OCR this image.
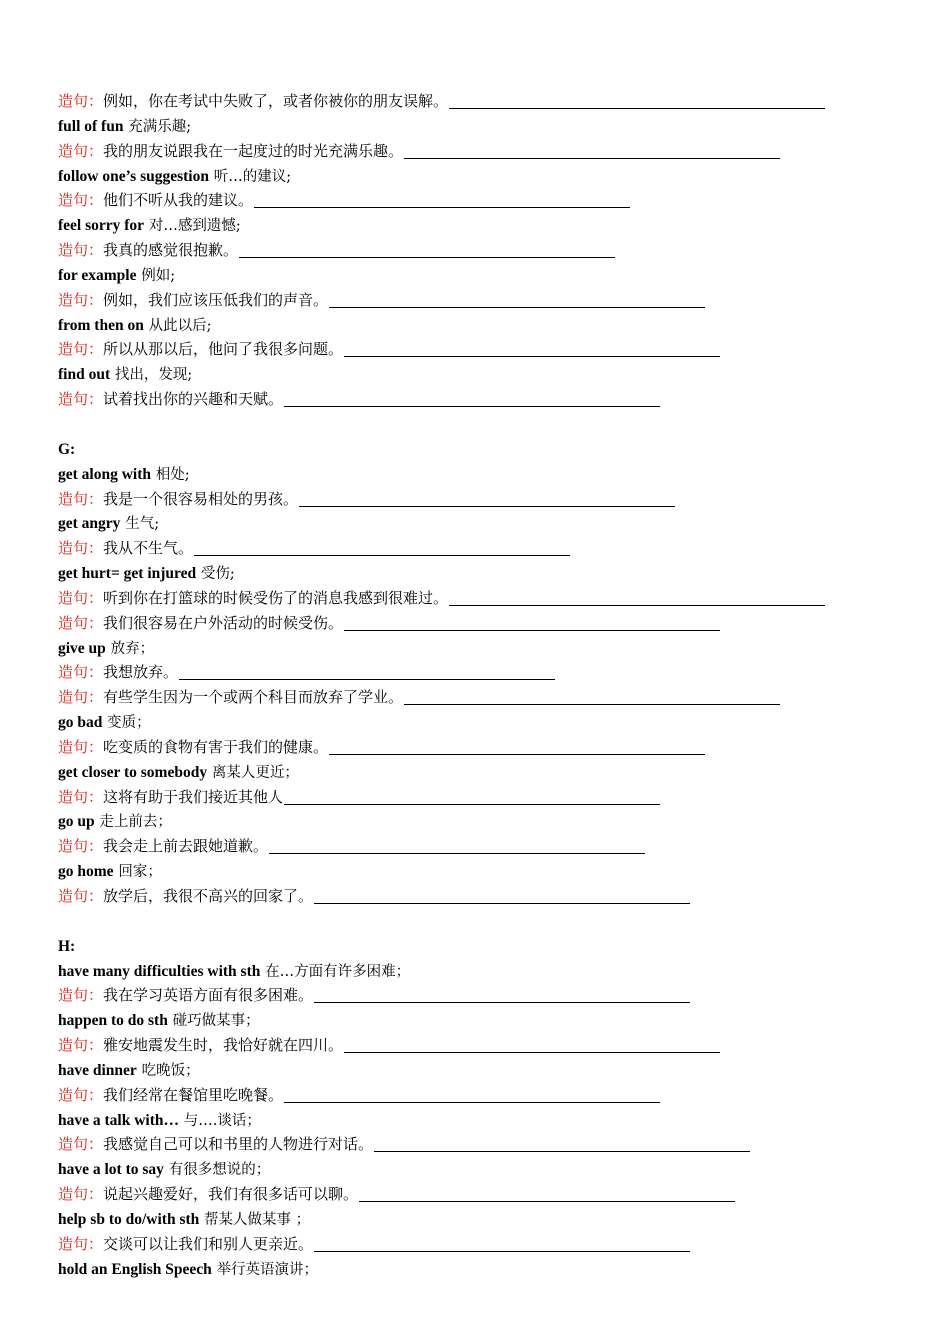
造句：例如，你在考试中失败了，或者你被你的朋友误解。
full of fun 充满乐趣;
造句：我的朋友说跟我在一起度过的时光充满乐趣。
follow one’s suggestion 听…的建议;
造句：他们不听从我的建议。
feel sorry for 对…感到遗憾;
造句：我真的感觉很抱歉。
for example 例如;
造句：例如，我们应该压低我们的声音。
from then on 从此以后;
造句：所以从那以后，他问了我很多问题。
find out 找出，发现;
造句：试着找出你的兴趣和天赋。
G:
get along with 相处;
造句：我是一个很容易相处的男孩。
get angry 生气;
造句：我从不生气。
get hurt= get injured 受伤;
造句：听到你在打篮球的时候受伤了的消息我感到很难过。
造句：我们很容易在户外活动的时候受伤。
give up 放弃；
造句：我想放弃。
造句：有些学生因为一个或两个科目而放弃了学业。
go bad 变质；
造句：吃变质的食物有害于我们的健康。
get closer to somebody 离某人更近；
造句：这将有助于我们接近其他人
go up 走上前去；
造句：我会走上前去跟她道歉。
go home 回家；
造句：放学后，我很不高兴的回家了。
H:
have many difficulties with sth 在…方面有许多困难；
造句：我在学习英语方面有很多困难。
happen to do sth 碰巧做某事；
造句：雅安地震发生时，我恰好就在四川。
have dinner 吃晚饭；
造句：我们经常在餐馆里吃晚餐。
have a talk with… 与….谈话；
造句：我感觉自己可以和书里的人物进行对话。
have a lot to say 有很多想说的；
造句：说起兴趣爱好，我们有很多话可以聊。
help sb to do/with sth 帮某人做某事 ；
造句：交谈可以让我们和别人更亲近。
hold an English Speech 举行英语演讲；
